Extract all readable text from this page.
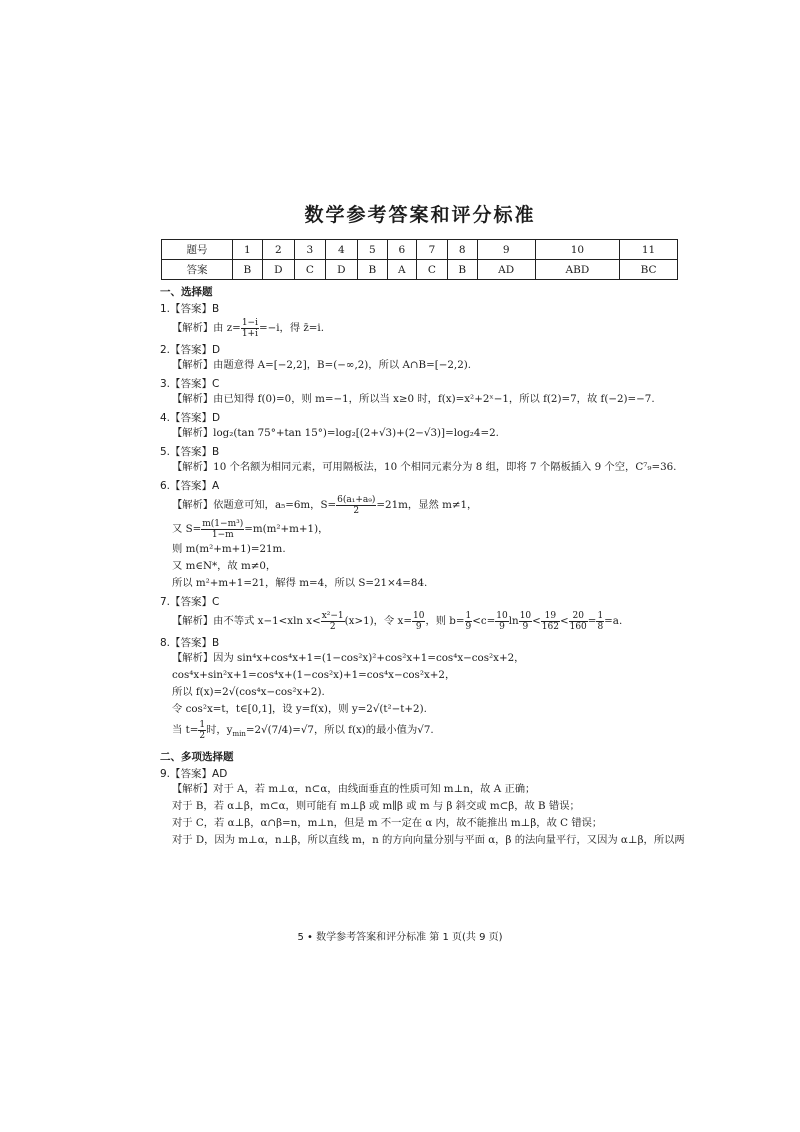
数学参考答案和评分标准
题号	1	2	3	4	5	6	7	8	9	10	11
答案	B	D	C	D	B	A	C	B	AD	ABD	BC
一、选择题
1.【答案】B
【解析】由 $z= \frac{1-i}{1+i} =-i$，得 z̄=i.
2.【答案】D
【解析】由题意得 A=[−2,2]，B=(−∞,2)，所以 A∩B=[−2,2).
3.【答案】C
【解析】由已知得 f(0)=0，则 m=−1，所以当 x≥0 时，f(x)=x²+2ˣ−1，所以 f(2)=7，故 f(−2)=−7.
4.【答案】D
【解析】log₂(tan 75°+tan 15°)=log₂[(2+√3)+(2−√3)]=log₂4=2.
5.【答案】B
【解析】10 个名额为相同元素，可用隔板法，10 个相同元素分为 8 组，即将 7 个隔板插入 9 个空，C⁷₉=36.
6.【答案】A
【解析】依题意可知，a₅=6m，$S= \frac{\text{6(a₁+a₉)}}{2} =21m$，显然 m≠1，
又 $S= \frac{\text{m(1−m³)}}{1-m} =m(m^2+m+1)$，
则 m(m²+m+1)=21m.
又 m∈N*，故 m≠0，
所以 m²+m+1=21，解得 m=4，所以 S=21×4=84.
7.【答案】C
【解析】由不等式 x−1<xln $x< \frac{\text{x²−1}}{2} (x>1)$，令 $x= \frac{10}{9}$ ，则 $b= \frac{1}{9} <c= \frac{10}{9}$ $\ln \frac{10}{9} < \frac{19}{162} < \frac{20}{160} = \frac{1}{8} =a$.
8.【答案】B
【解析】因为 sin⁴x+cos⁴x+1=(1−cos²x)²+cos²x+1=cos⁴x−cos²x+2，
cos⁴x+sin²x+1=cos⁴x+(1−cos²x)+1=cos⁴x−cos²x+2，
所以 f(x)=2√(cos⁴x−cos²x+2).
令 cos²x=t，t∈[0,1]，设 y=f(x)，则 y=2√(t²−t+2).
当 $t= \frac{1}{2}$ 时，$y_{min}=2√(7/4)=√7$，所以 f(x)的最小值为√7.
二、多项选择题
9.【答案】AD
【解析】对于 A，若 m⊥α，n⊂α，由线面垂直的性质可知 m⊥n，故 A 正确；
对于 B，若 α⊥β，m⊂α，则可能有 m⊥β 或 m∥β 或 m 与 β 斜交或 m⊂β，故 B 错误；
对于 C，若 α⊥β，α∩β=n，m⊥n，但是 m 不一定在 α 内，故不能推出 m⊥β，故 C 错误；
对于 D，因为 m⊥α，n⊥β，所以直线 m，n 的方向向量分别与平面 α，β 的法向量平行，又因为 α⊥β，所以两
5 • 数学参考答案和评分标准 第 1 页(共 9 页)
